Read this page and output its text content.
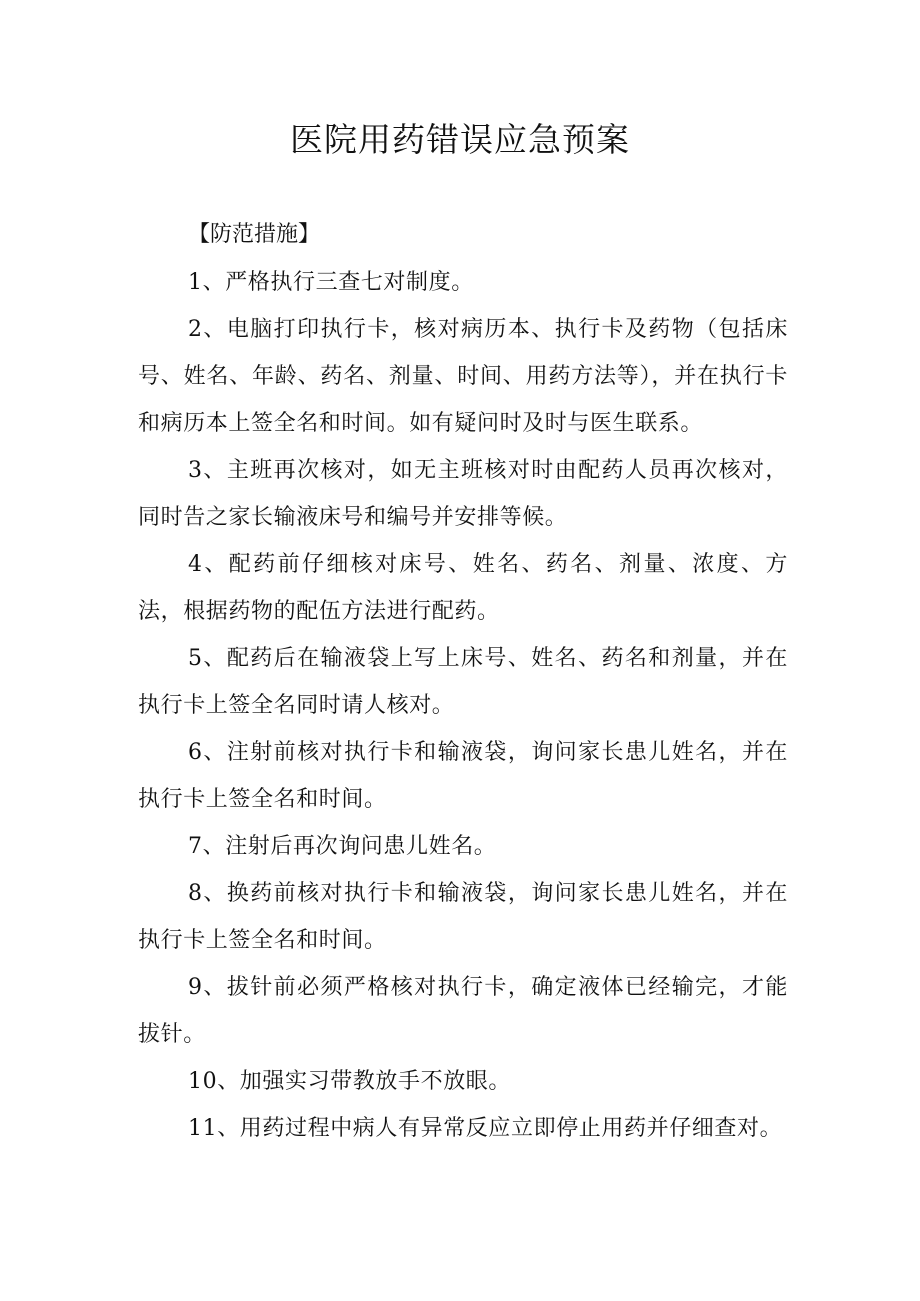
医院用药错误应急预案

【防范措施】

1、严格执行三查七对制度。

2、电脑打印执行卡，核对病历本、执行卡及药物（包括床号、姓名、年龄、药名、剂量、时间、用药方法等），并在执行卡和病历本上签全名和时间。如有疑问时及时与医生联系。

3、主班再次核对，如无主班核对时由配药人员再次核对，同时告之家长输液床号和编号并安排等候。

4、配药前仔细核对床号、姓名、药名、剂量、浓度、方法，根据药物的配伍方法进行配药。

5、配药后在输液袋上写上床号、姓名、药名和剂量，并在执行卡上签全名同时请人核对。

6、注射前核对执行卡和输液袋，询问家长患儿姓名，并在执行卡上签全名和时间。

7、注射后再次询问患儿姓名。

8、换药前核对执行卡和输液袋，询问家长患儿姓名，并在执行卡上签全名和时间。

9、拔针前必须严格核对执行卡，确定液体已经输完，才能拔针。

10、加强实习带教放手不放眼。

11、用药过程中病人有异常反应立即停止用药并仔细查对。
